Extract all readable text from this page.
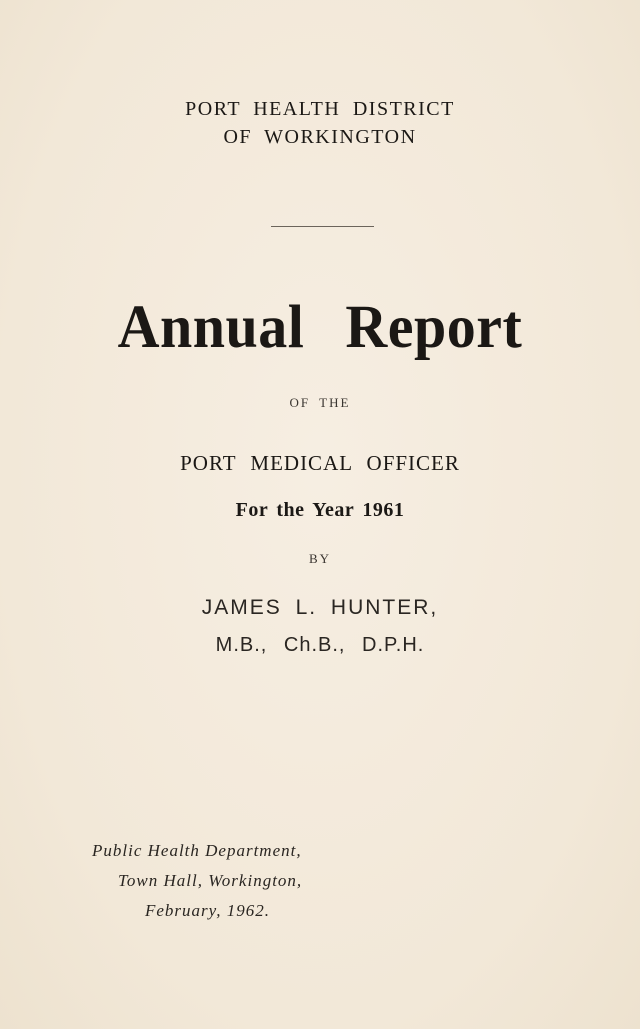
PORT HEALTH DISTRICT
OF WORKINGTON
Annual Report
OF THE
PORT MEDICAL OFFICER
For the Year 1961
BY
JAMES L. HUNTER,
M.B., Ch.B., D.P.H.
Public Health Department,
Town Hall, Workington,
February, 1962.
